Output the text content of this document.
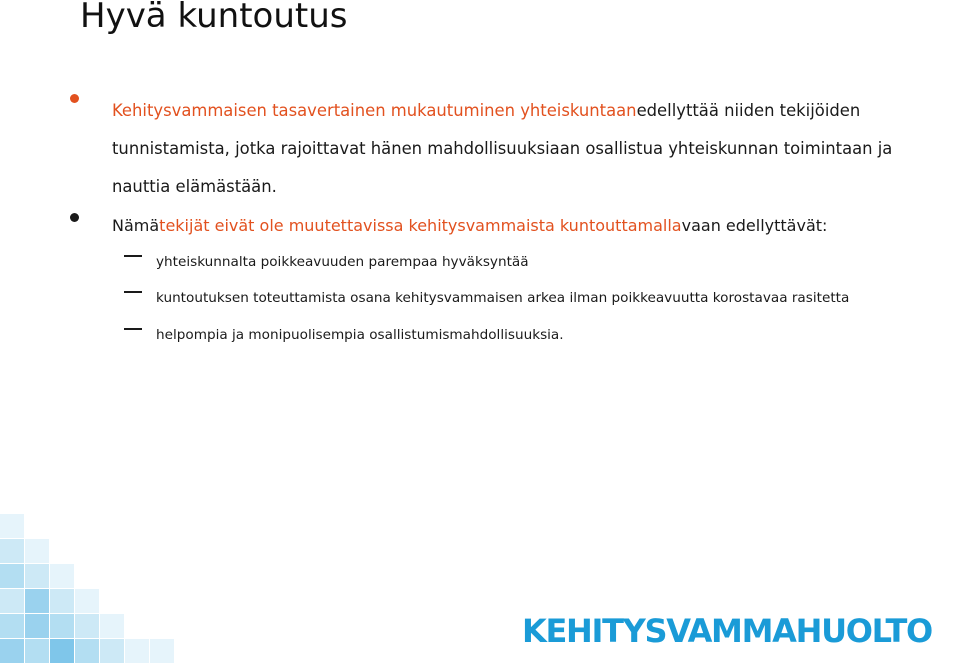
Hyvä kuntoutus

Kehitysvammaisen tasavertainen mukautuminen yhteiskuntaanedellyttää niiden tekijöiden tunnistamista, jotka rajoittavat hänen mahdollisuuksiaan osallistua yhteiskunnan toimintaan ja nauttia elämästään.

Nämätekijät eivät ole muutettavissa kehitysvammaista kuntouttamallavaan edellyttävät:

yhteiskunnalta poikkeavuuden parempaa hyväksyntää
kuntoutuksen toteuttamista osana kehitysvammaisen arkea ilman poikkeavuutta korostavaa rasitetta
helpompia ja monipuolisempia osallistumismahdollisuuksia.
KEHITYSVAMMAHUOLTO
